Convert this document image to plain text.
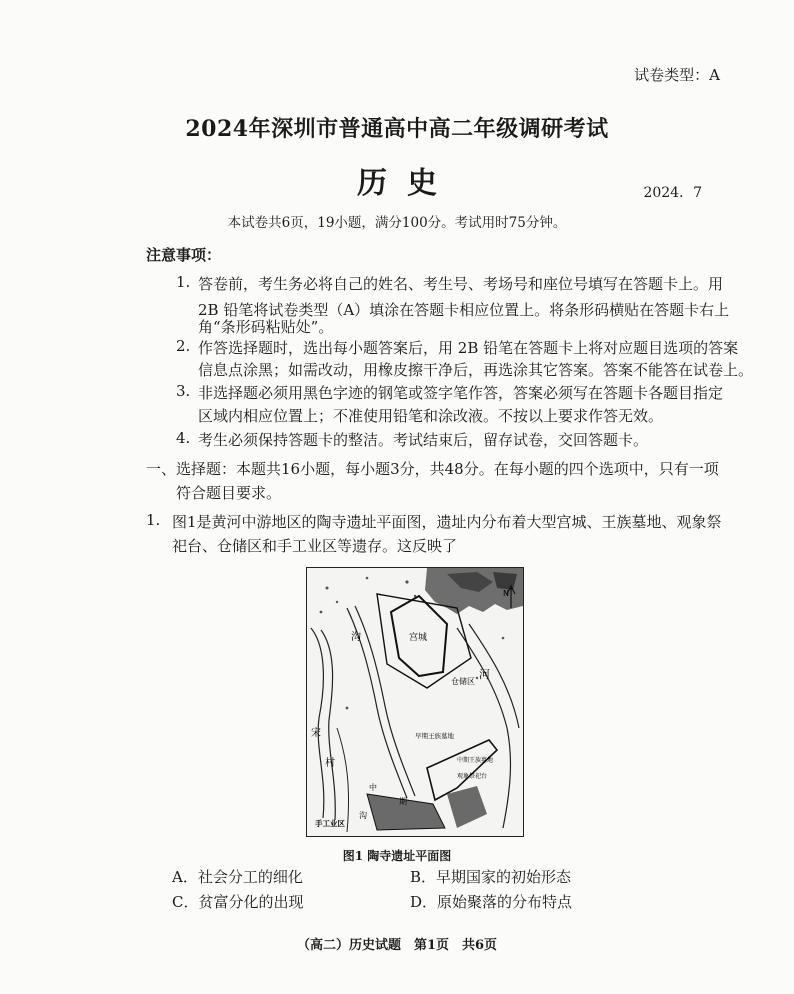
试卷类型：A
2024年深圳市普通高中高二年级调研考试
历史	2024．7
本试卷共6页，19小题，满分100分。考试用时75分钟。
注意事项：
1. 答卷前，考生务必将自己的姓名、考生号、考场号和座位号填写在答题卡上。用
2B 铅笔将试卷类型（A）填涂在答题卡相应位置上。将条形码横贴在答题卡右上
角“条形码粘贴处”。
2. 作答选择题时，选出每小题答案后，用 2B 铅笔在答题卡上将对应题目选项的答案
信息点涂黑；如需改动，用橡皮擦干净后，再选涂其它答案。答案不能答在试卷上。
3. 非选择题必须用黑色字迹的钢笔或签字笔作答，答案必须写在答题卡各题目指定
区域内相应位置上；不准使用铅笔和涂改液。不按以上要求作答无效。
4. 考生必须保持答题卡的整洁。考试结束后，留存试卷，交回答题卡。
一、 选择题：本题共16小题，每小题3分，共48分。在每小题的四个选项中，只有一项
符合题目要求。
1. 图1是黄河中游地区的陶寺遗址平面图，遗址内分布着大型宫城、王族墓地、观象祭
祀台、仓储区和手工业区等遗存。这反映了
N
宫城
仓储区
河
沟
宋
村
早期王族墓地
中期王族墓地
观象祭祀台
手工业区
中
期
沟
图1 陶寺遗址平面图
A．社会分工的细化	B．早期国家的初始形态
C．贫富分化的出现	D．原始聚落的分布特点
（高二）历史试题　第1页　共6页
